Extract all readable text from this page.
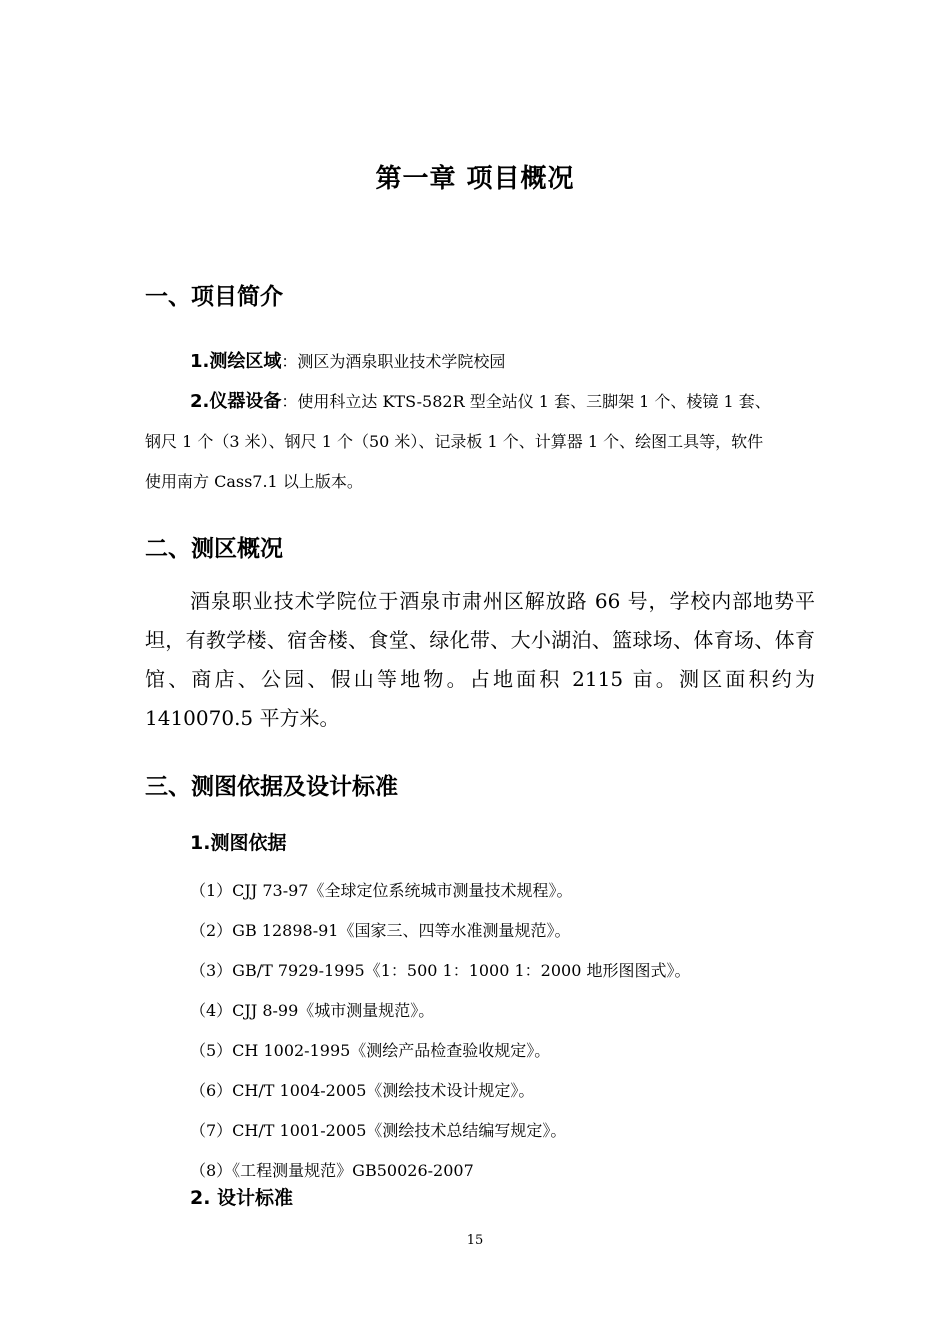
第一章 项目概况
一、项目简介
1.测绘区域：测区为酒泉职业技术学院校园
2.仪器设备：使用科立达 KTS-582R 型全站仪 1 套、三脚架 1 个、棱镜 1 套、
钢尺 1 个（3 米）、钢尺 1 个（50 米）、记录板 1 个、计算器 1 个、绘图工具等，软件
使用南方 Cass7.1 以上版本。
二、测区概况
酒泉职业技术学院位于酒泉市肃州区解放路 66 号，学校内部地势平坦，有教学楼、宿舍楼、食堂、绿化带、大小湖泊、篮球场、体育场、体育馆、商店、公园、假山等地物。占地面积 2115 亩。测区面积约为 1410070.5 平方米。
三、测图依据及设计标准
1.测图依据
（1）CJJ 73-97《全球定位系统城市测量技术规程》。
（2）GB 12898-91《国家三、四等水准测量规范》。
（3）GB/T 7929-1995《1：500 1：1000 1：2000 地形图图式》。
（4）CJJ 8-99《城市测量规范》。
（5）CH 1002-1995《测绘产品检查验收规定》。
（6）CH/T 1004-2005《测绘技术设计规定》。
（7）CH/T 1001-2005《测绘技术总结编写规定》。
（8）《工程测量规范》GB50026-2007
2. 设计标准
15
